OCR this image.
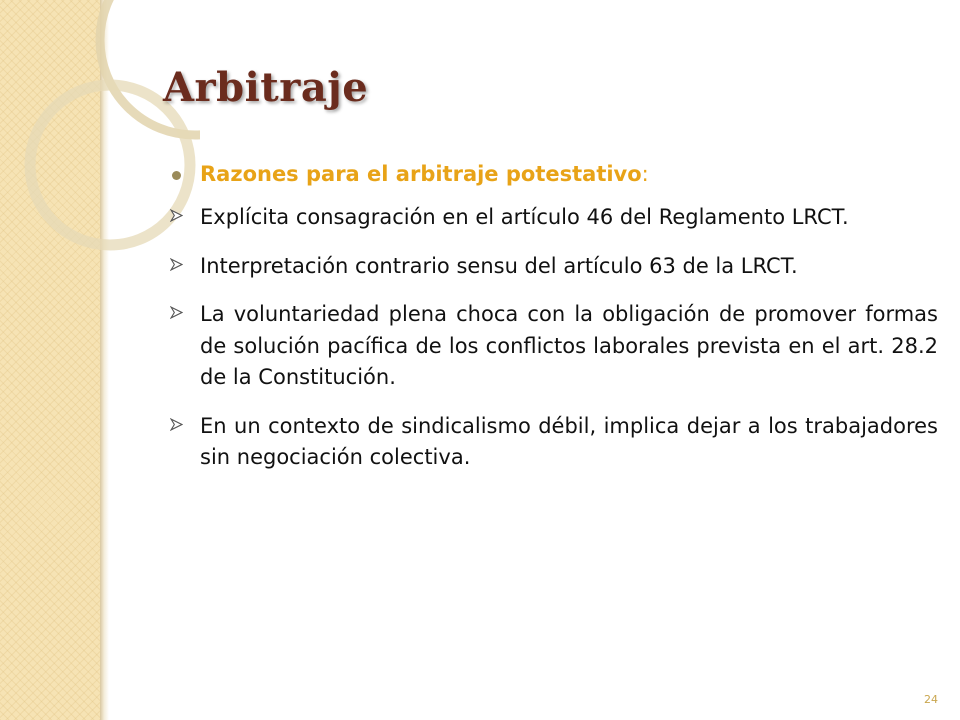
Arbitraje
Razones para el arbitraje potestativo:
Explícita consagración en el artículo 46 del Reglamento LRCT.
Interpretación contrario sensu del artículo 63 de la LRCT.
La voluntariedad plena choca con la obligación de promover formas de solución pacífica de los conflictos laborales prevista en el art. 28.2 de la Constitución.
En un contexto de sindicalismo débil, implica dejar a los trabajadores sin negociación colectiva.
24
